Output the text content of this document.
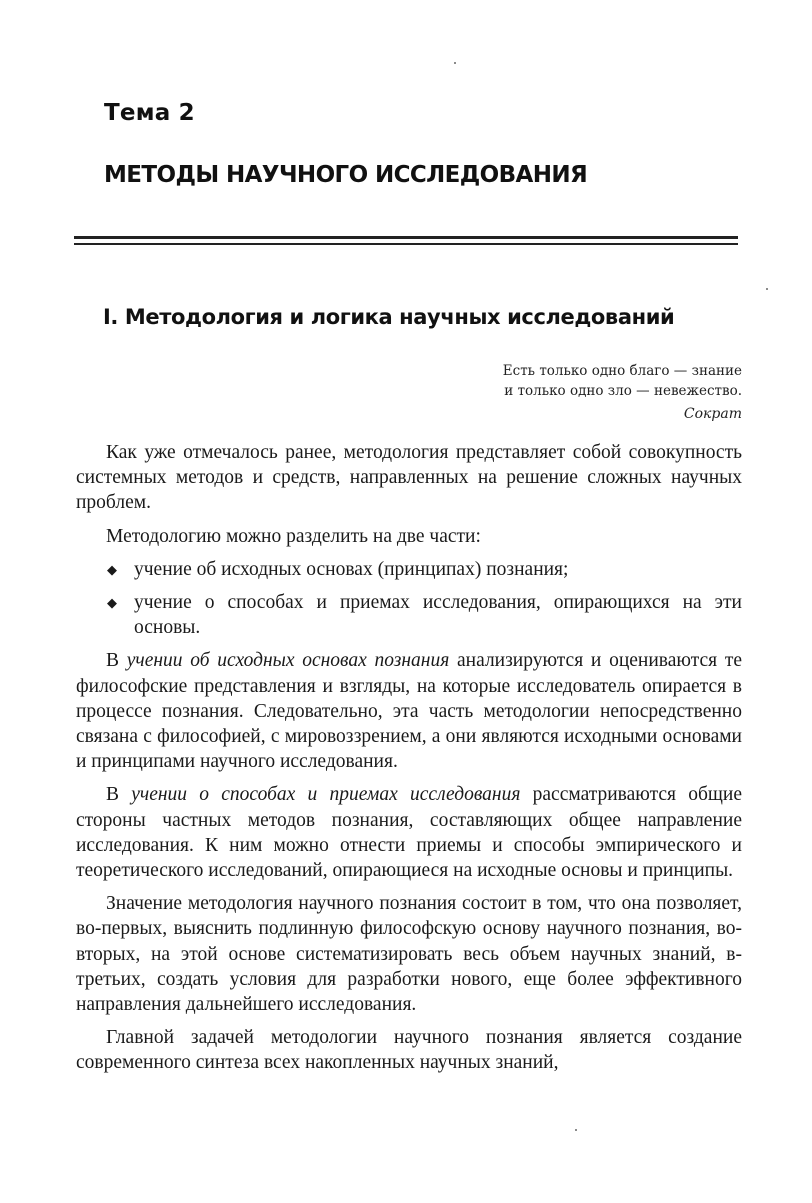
Тема 2
МЕТОДЫ НАУЧНОГО ИССЛЕДОВАНИЯ
I. Методология и логика научных исследований
Есть только одно благо — знание
и только одно зло — невежество.
Сократ

Как уже отмечалось ранее, методология представляет собой совокупность системных методов и средств, направленных на решение сложных научных проблем.

Методологию можно разделить на две части:

◆ учение об исходных основах (принципах) познания;
◆ учение о способах и приемах исследования, опирающихся на эти основы.

В учении об исходных основах познания анализируются и оцениваются те философские представления и взгляды, на которые исследователь опирается в процессе познания. Следовательно, эта часть методологии непосредственно связана с философией, с мировоззрением, а они являются исходными основами и принципами научного исследования.

В учении о способах и приемах исследования рассматриваются общие стороны частных методов познания, составляющих общее направление исследования. К ним можно отнести приемы и способы эмпирического и теоретического исследований, опирающиеся на исходные основы и принципы.

Значение методология научного познания состоит в том, что она позволяет, во-первых, выяснить подлинную философскую основу научного познания, во-вторых, на этой основе систематизировать весь объем научных знаний, в-третьих, создать условия для разработки нового, еще более эффективного направления дальнейшего исследования.

Главной задачей методологии научного познания является создание современного синтеза всех накопленных научных знаний,
